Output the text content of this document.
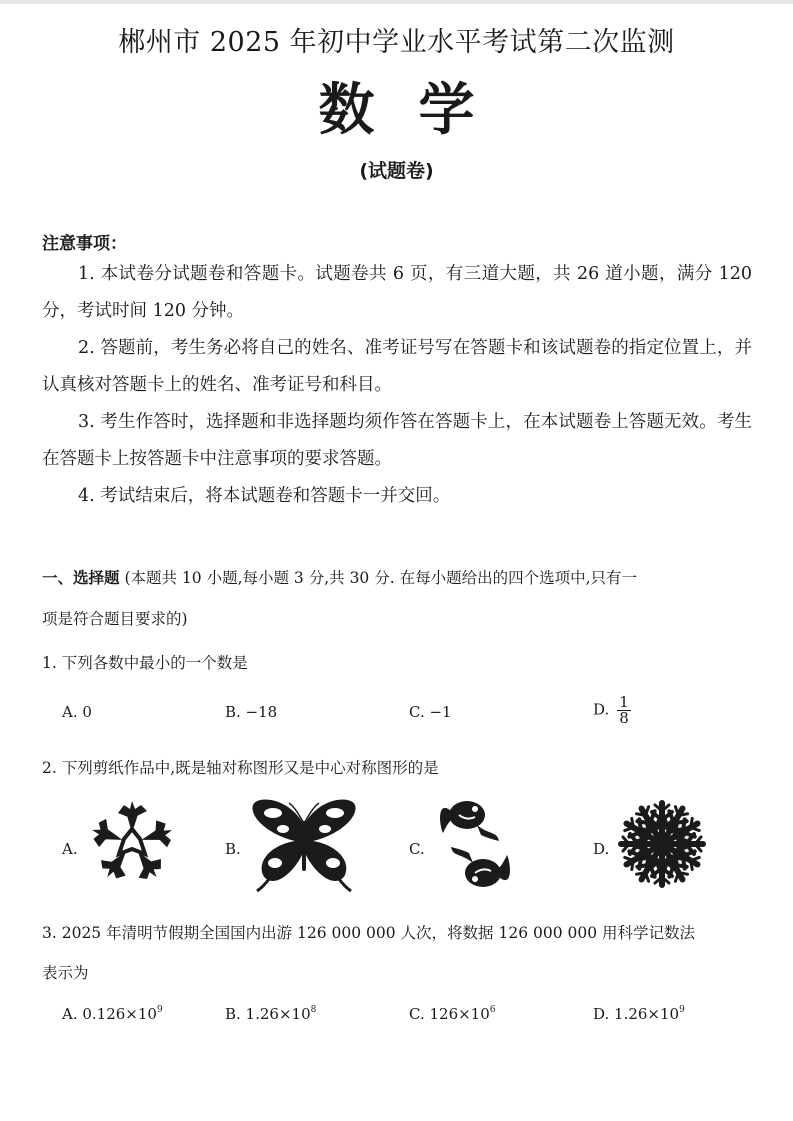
郴州市 2025 年初中学业水平考试第二次监测
数学
(试题卷)
注意事项：

1. 本试卷分试题卷和答题卡。试题卷共 6 页，有三道大题，共 26 道小题，满分 120 分，考试时间 120 分钟。

2. 答题前，考生务必将自己的姓名、准考证号写在答题卡和该试题卷的指定位置上，并认真核对答题卡上的姓名、准考证号和科目。

3. 考生作答时，选择题和非选择题均须作答在答题卡上，在本试题卷上答题无效。考生在答题卡上按答题卡中注意事项的要求答题。

4. 考试结束后，将本试题卷和答题卡一并交回。

一、选择题 (本题共 10 小题,每小题 3 分,共 30 分. 在每小题给出的四个选项中,只有一

项是符合题目要求的)

1. 下列各数中最小的一个数是

A. 0	B. −18	C. −1	D. $\frac{1}{8}$

2. 下列剪纸作品中,既是轴对称图形又是中心对称图形的是

A.	B.	C.	D.

3. 2025 年清明节假期全国国内出游 126 000 000 人次，将数据 126 000 000 用科学记数法

表示为

A. $0.126\times 10^9$	B. $1.26\times 10^8$	C. $126\times 10^6$	D. $1.26\times 10^9$
